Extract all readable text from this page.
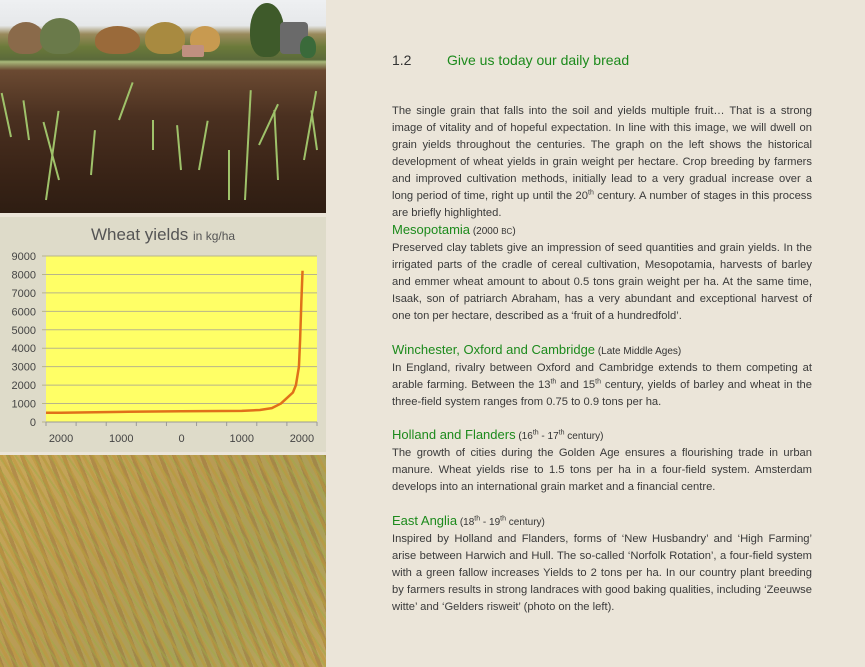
Wheat yields in kg/ha
0
1000
2000
3000
4000
5000
6000
7000
8000
9000
2000	1000	0	1000	2000
1.2	Give us today our daily bread

The single grain that falls into the soil and yields multiple fruit… That is a strong image of vitality and of hopeful expectation. In line with this image, we will dwell on grain yields throughout the centuries. The graph on the left shows the historical development of wheat yields in grain weight per hectare. Crop breeding by farmers and improved cultivation methods, initially lead to a very gradual increase over a long period of time, right up until the 20th century. A number of stages in this process are briefly highlighted.

Mesopotamia (2000 BC)

Preserved clay tablets give an impression of seed quantities and grain yields. In the irrigated parts of the cradle of cereal cultivation, Mesopotamia, harvests of barley and emmer wheat amount to about 0.5 tons grain weight per ha. At the same time, Isaak, son of patriarch Abraham, has a very abundant and exceptional harvest of one ton per hectare, described as a ‘fruit of a hundredfold’.

Winchester, Oxford and Cambridge (Late Middle Ages)

In England, rivalry between Oxford and Cambridge extends to them competing at arable farming. Between the 13th and 15th century, yields of barley and wheat in the three-field system ranges from 0.75 to 0.9 tons per ha.

Holland and Flanders (16th - 17th century)

The growth of cities during the Golden Age ensures a flourishing trade in urban manure. Wheat yields rise to 1.5 tons per ha in a four-field system. Amsterdam develops into an international grain market and a financial centre.

East Anglia (18th - 19th century)

Inspired by Holland and Flanders, forms of ‘New Husbandry’ and ‘High Farming’ arise between Harwich and Hull. The so-called ‘Norfolk Rotation’, a four-field system with a green fallow increases Yields to 2 tons per ha. In our country plant breeding by farmers results in strong landraces with good baking qualities, including ‘Zeeuwse witte’ and ‘Gelders risweit’ (photo on the left).
